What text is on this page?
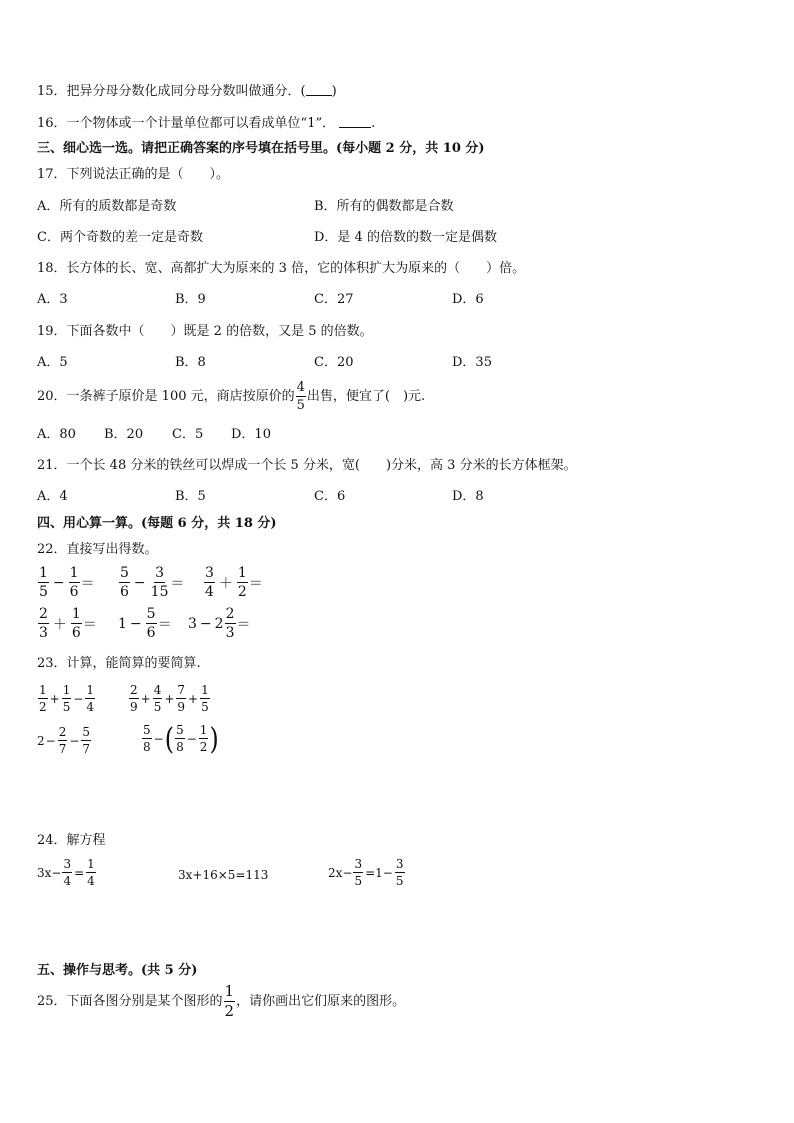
15．把异分母分数化成同分母分数叫做通分．( )
16．一个物体或一个计量单位都可以看成单位“1”．	.
三、细心选一选。请把正确答案的序号填在括号里。(每小题 2 分，共 10 分)
17．下列说法正确的是（　　）。
A．所有的质数都是奇数	B．所有的偶数都是合数
C．两个奇数的差一定是奇数	D．是 4 的倍数的数一定是偶数
18．长方体的长、宽、高都扩大为原来的 3 倍，它的体积扩大为原来的（　　）倍。
A．3	B．9	C．27	D．6
19．下面各数中（　　）既是 2 的倍数，又是 5 的倍数。
A．5	B．8	C．20	D．35
20．一条裤子原价是 100 元，商店按原价的 $\frac{4}{5}$ 出售，便宜了(　)元.
A．80 B．20 C．5 D．10
21．一个长 48 分米的铁丝可以焊成一个长 5 分米，宽(　　)分米，高 3 分米的长方体框架。
A．4	B．5	C．6	D．8
四、用心算一算。(每题 6 分，共 18 分)
22．直接写出得数。
$\frac{1}{5} - \frac{1}{6} = \frac{5}{6} - \frac{3}{15} = \frac{3}{4} + \frac{1}{2}$ ＝
$\frac{2}{3} + \frac{1}{6} = 1 - \frac{5}{6} = 3 - 2 \frac{2}{3}$ ＝
23．计算，能简算的要简算.
$\frac{1}{2} + \frac{1}{5} - \frac{1}{4}$	$\frac{2}{9} + \frac{4}{5} + \frac{7}{9} + \frac{1}{5}$
$2 - \frac{2}{7} - \frac{5}{7}$	$\frac{5}{8}$ − ( $\frac{5}{8} - \frac{1}{2}$ )
24．解方程
$3x- \frac{3}{4} = \frac{1}{4}$	3x+16×5=113	$2x- \frac{3}{5} =1- \frac{3}{5}$
五、操作与思考。(共 5 分)
25．下面各图分别是某个图形的 $\frac{1}{2}$ ，请你画出它们原来的图形。
